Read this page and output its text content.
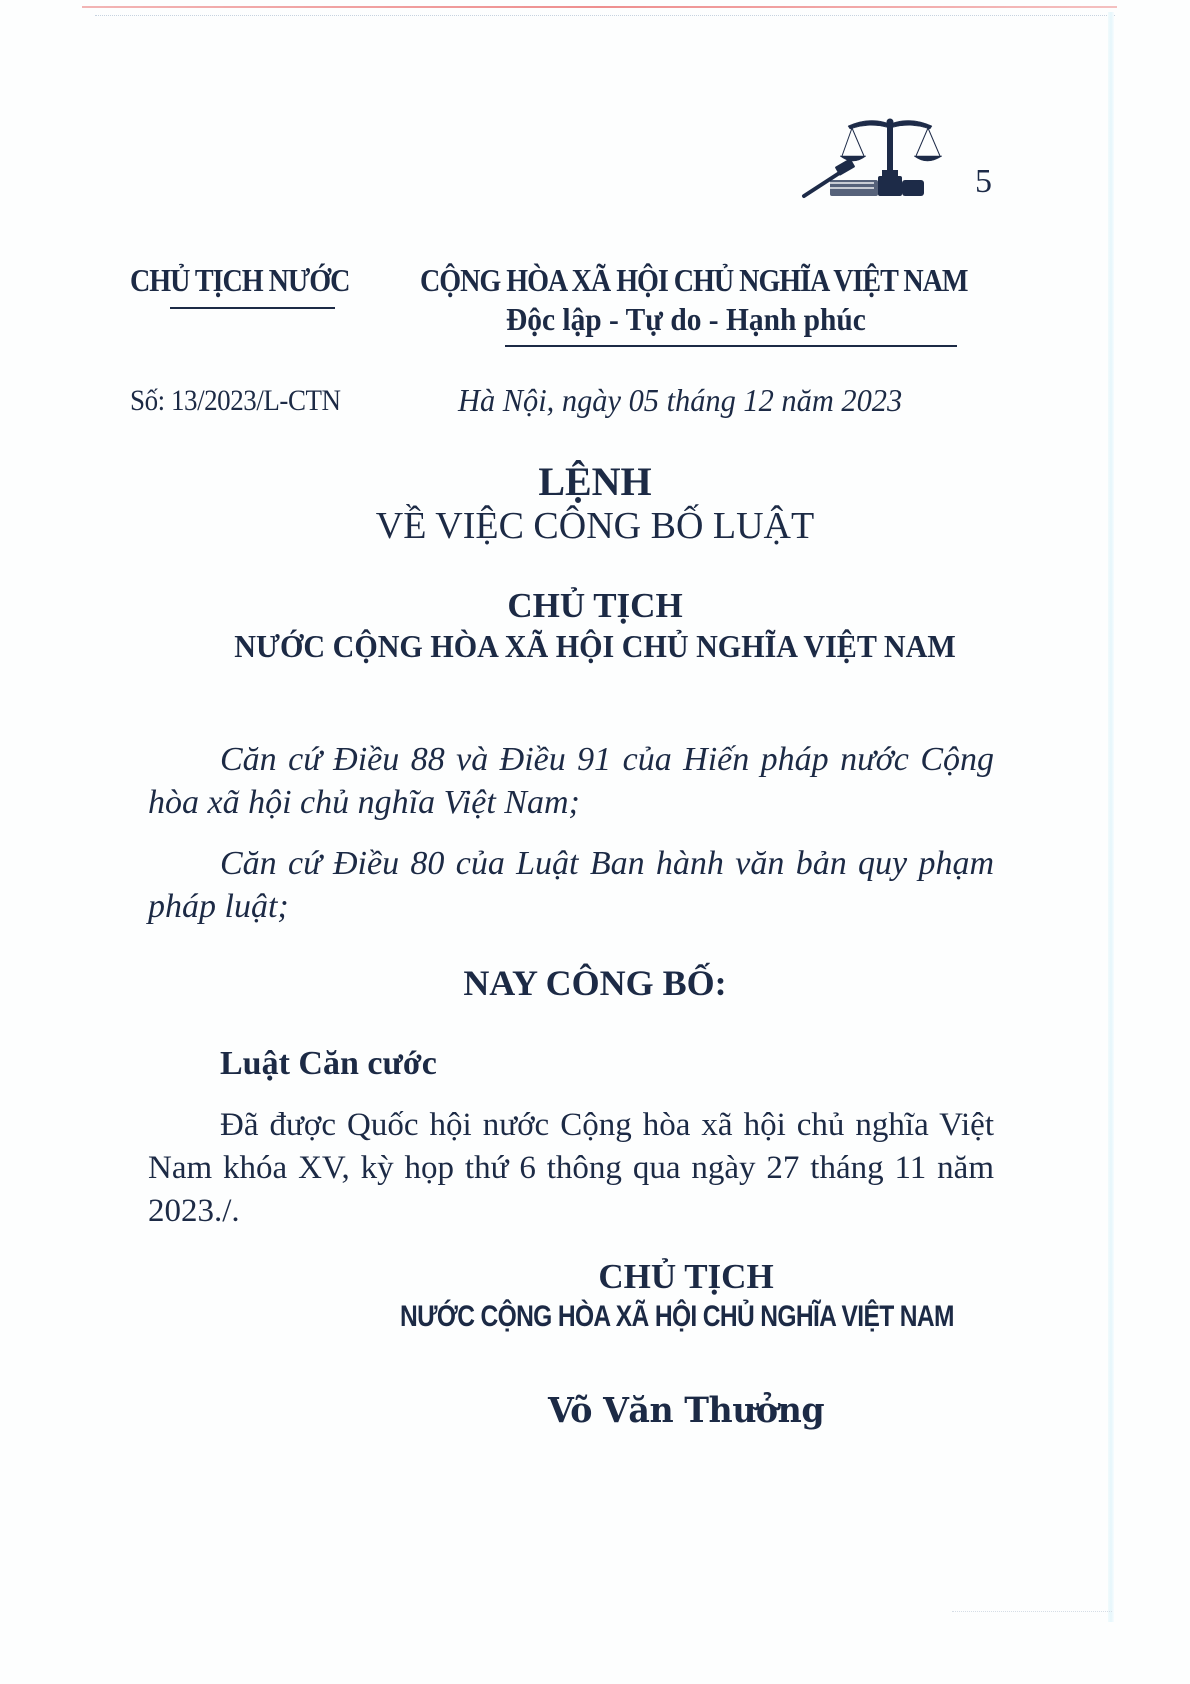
5
CHỦ TỊCH NƯỚC CỘNG HÒA XÃ HỘI CHỦ NGHĨA VIỆT NAM
Độc lập - Tự do - Hạnh phúc
Số: 13/2023/L-CTN	Hà Nội, ngày 05 tháng 12 năm 2023
LỆNH
VỀ VIỆC CÔNG BỐ LUẬT
CHỦ TỊCH
NƯỚC CỘNG HÒA XÃ HỘI CHỦ NGHĨA VIỆT NAM
Căn cứ Điều 88 và Điều 91 của Hiến pháp nước Cộng hòa xã hội chủ nghĩa Việt Nam;
Căn cứ Điều 80 của Luật Ban hành văn bản quy phạm pháp luật;
NAY CÔNG BỐ:
Luật Căn cước
Đã được Quốc hội nước Cộng hòa xã hội chủ nghĩa Việt Nam khóa XV, kỳ họp thứ 6 thông qua ngày 27 tháng 11 năm 2023./.
CHỦ TỊCH
NƯỚC CỘNG HÒA XÃ HỘI CHỦ NGHĨA VIỆT NAM
Võ Văn Thưởng
